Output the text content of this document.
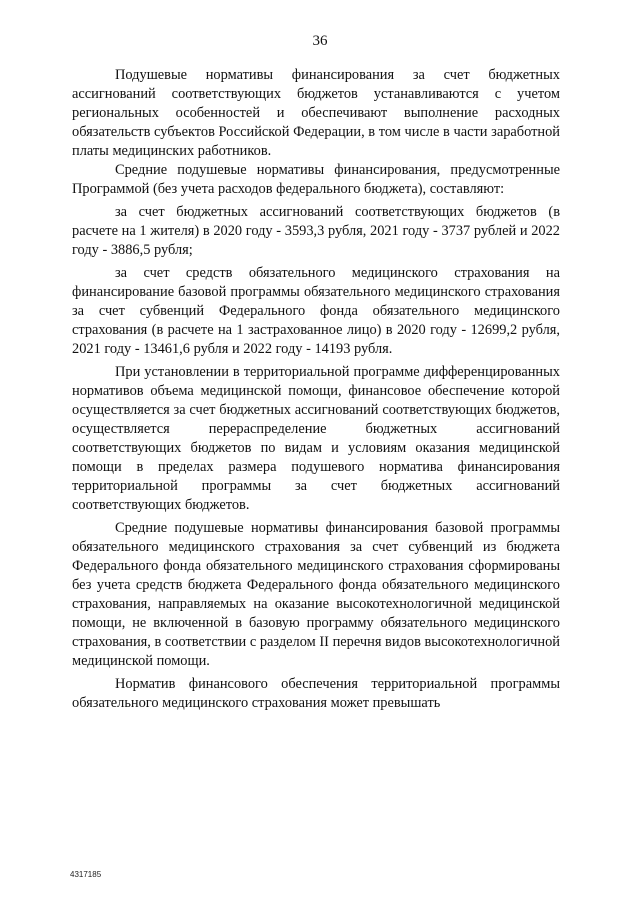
36

Подушевые нормативы финансирования за счет бюджетных ассигнований соответствующих бюджетов устанавливаются с учетом региональных особенностей и обеспечивают выполнение расходных обязательств субъектов Российской Федерации, в том числе в части заработной платы медицинских работников.

Средние подушевые нормативы финансирования, предусмотренные Программой (без учета расходов федерального бюджета), составляют:

за счет бюджетных ассигнований соответствующих бюджетов (в расчете на 1 жителя) в 2020 году - 3593,3 рубля, 2021 году - 3737 рублей и 2022 году - 3886,5 рубля;

за счет средств обязательного медицинского страхования на финансирование базовой программы обязательного медицинского страхования за счет субвенций Федерального фонда обязательного медицинского страхования (в расчете на 1 застрахованное лицо) в 2020 году - 12699,2 рубля, 2021 году - 13461,6 рубля и 2022 году - 14193 рубля.

При установлении в территориальной программе дифференцированных нормативов объема медицинской помощи, финансовое обеспечение которой осуществляется за счет бюджетных ассигнований соответствующих бюджетов, осуществляется перераспределение бюджетных ассигнований соответствующих бюджетов по видам и условиям оказания медицинской помощи в пределах размера подушевого норматива финансирования территориальной программы за счет бюджетных ассигнований соответствующих бюджетов.

Средние подушевые нормативы финансирования базовой программы обязательного медицинского страхования за счет субвенций из бюджета Федерального фонда обязательного медицинского страхования сформированы без учета средств бюджета Федерального фонда обязательного медицинского страхования, направляемых на оказание высокотехнологичной медицинской помощи, не включенной в базовую программу обязательного медицинского страхования, в соответствии с разделом II перечня видов высокотехнологичной медицинской помощи.

Норматив финансового обеспечения территориальной программы обязательного медицинского страхования может превышать

4317185
